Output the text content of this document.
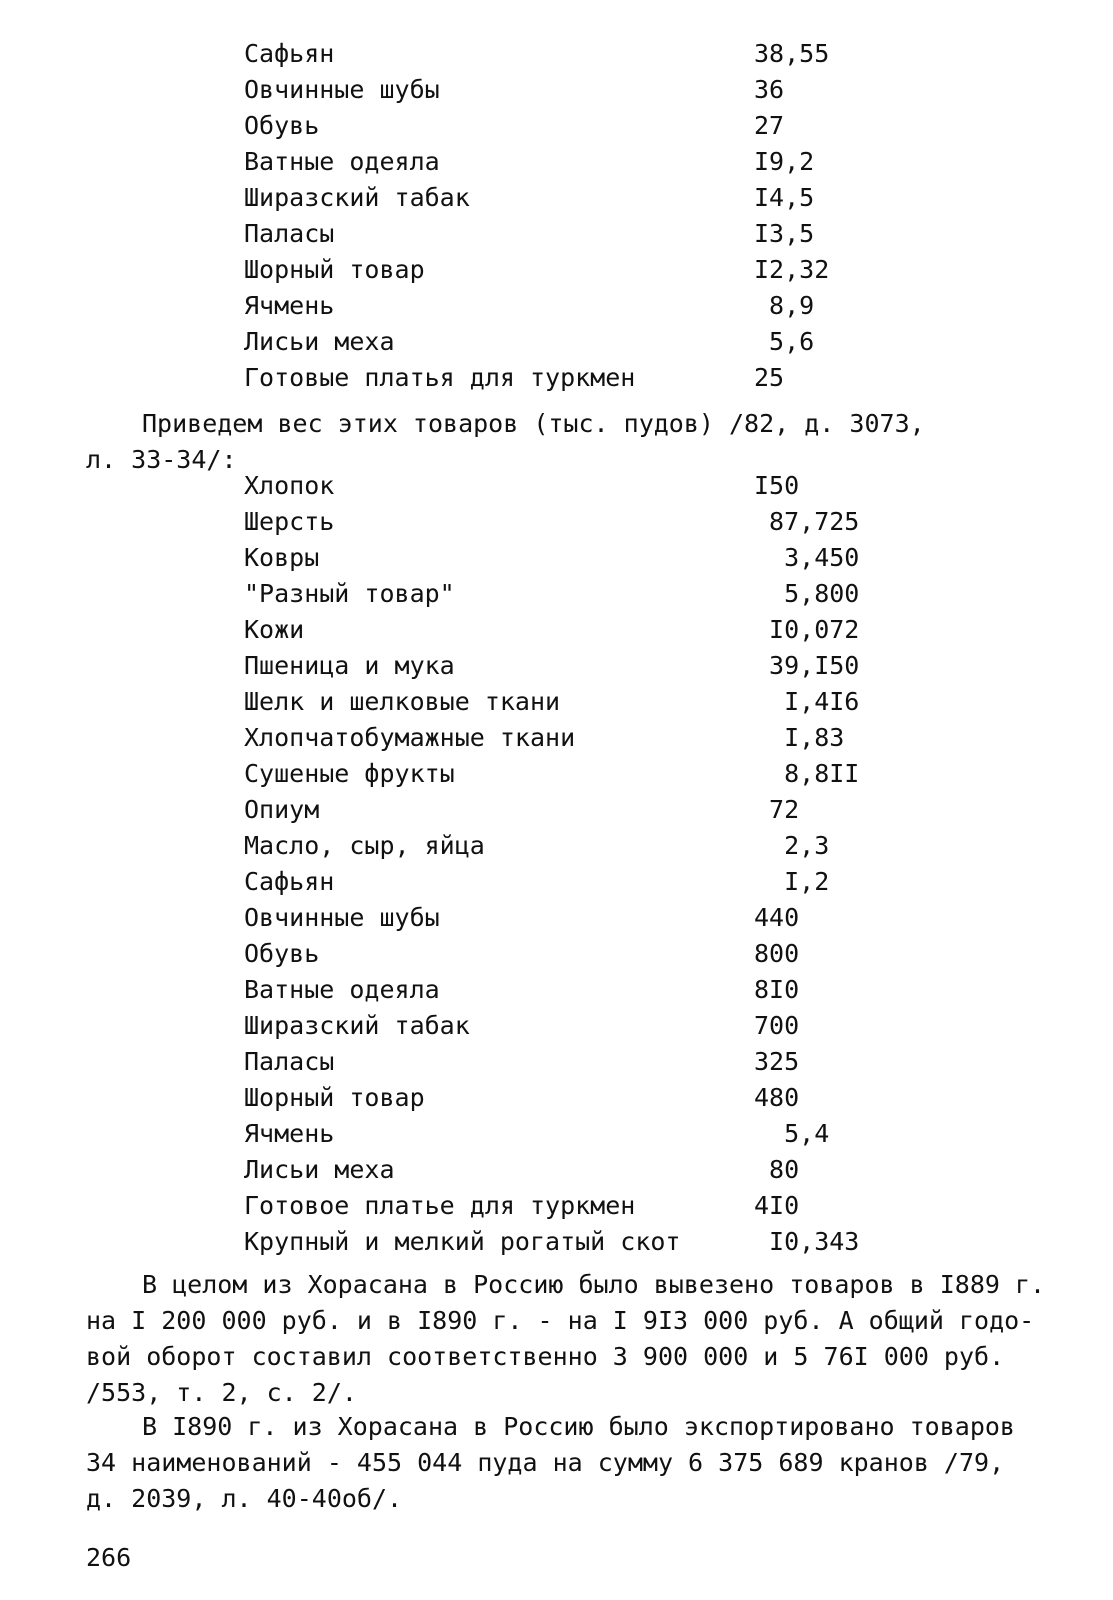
Сафьян	38,55
Овчинные шубы	36
Обувь	27
Ватные одеяла	I9,2
Ширазский табак	I4,5
Паласы	I3,5
Шорный товар	I2,32
Ячмень	8,9
Лисьи меха	5,6
Готовые платья для туркмен	25
Приведем вес этих товаров (тыс. пудов) /82, д. 3073,
л. 33-34/:
Хлопок	I50
Шерсть	87,725
Ковры	3,450
"Разный товар"	5,800
Кожи	I0,072
Пшеница и мука	39,I50
Шелк и шелковые ткани	I,4I6
Хлопчатобумажные ткани	I,83
Сушеные фрукты	8,8II
Опиум	72
Масло, сыр, яйца	2,3
Сафьян	I,2
Овчинные шубы	440
Обувь	800
Ватные одеяла	8I0
Ширазский табак	700
Паласы	325
Шорный товар	480
Ячмень	5,4
Лисьи меха	80
Готовое платье для туркмен	4I0
Крупный и мелкий рогатый скот	I0,343
В целом из Хорасана в Россию было вывезено товаров в I889 г.
на I 200 000 руб. и в I890 г. - на I 9I3 000 руб. А общий годо-
вой оборот составил соответственно 3 900 000 и 5 76I 000 руб.
/553, т. 2, с. 2/.
В I890 г. из Хорасана в Россию было экспортировано товаров
34 наименований - 455 044 пуда на сумму 6 375 689 кранов /79,
д. 2039, л. 40-40об/.
266
